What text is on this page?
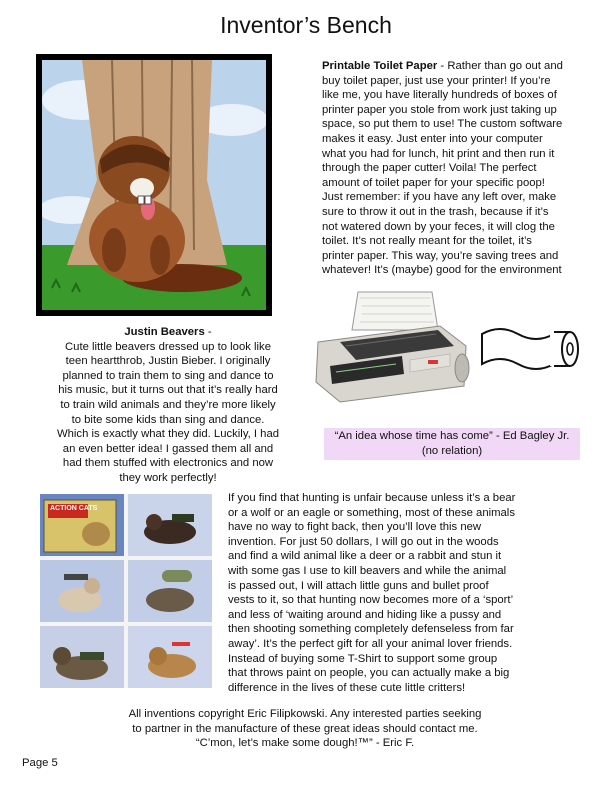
Inventor’s Bench
Printable Toilet Paper - Rather than go out and
buy toilet paper, just use your printer! If you’re
like me, you have literally hundreds of boxes of
printer paper you stole from work just taking up
space, so put them to use! The custom software
makes it easy. Just enter into your computer
what you had for lunch, hit print and then run it
through the paper cutter! Voila! The perfect
amount of toilet paper for your specific poop!
Just remember: if you have any left over, make
sure to throw it out in the trash, because if it’s
not watered down by your feces, it will clog the
toilet. It’s not really meant for the toilet, it’s
printer paper. This way, you’re saving trees and
whatever! It’s (maybe) good for the environment
Justin Beavers -
Cute little beavers dressed up to look like
teen heartthrob, Justin Bieber. I originally
planned to train them to sing and dance to
his music, but it turns out that it’s really hard
to train wild animals and they’re more likely
to bite some kids than sing and dance.
Which is exactly what they did. Luckily, I had
an even better idea! I gassed them all and
had them stuffed with electronics and now
they work perfectly!
“An idea whose time has come” - Ed Bagley Jr.
(no relation)
ACTION CATS
If you find that hunting is unfair because unless it’s a bear
or a wolf or an eagle or something, most of these animals
have no way to fight back, then you’ll love this new
invention. For just 50 dollars, I will go out in the woods
and find a wild animal like a deer or a rabbit and stun it
with some gas I use to kill beavers and while the animal
is passed out, I will attach little guns and bullet proof
vests to it, so that hunting now becomes more of a ‘sport’
and less of ‘waiting around and hiding like a pussy and
then shooting something completely defenseless from far
away’. It’s the perfect gift for all your animal lover friends.
Instead of buying some T-Shirt to support some group
that throws paint on people, you can actually make a big
difference in the lives of these cute little critters!
All inventions copyright Eric Filipkowski. Any interested parties seeking
to partner in the manufacture of these great ideas should contact me.
“C’mon, let’s make some dough!™” - Eric F.
Page 5
